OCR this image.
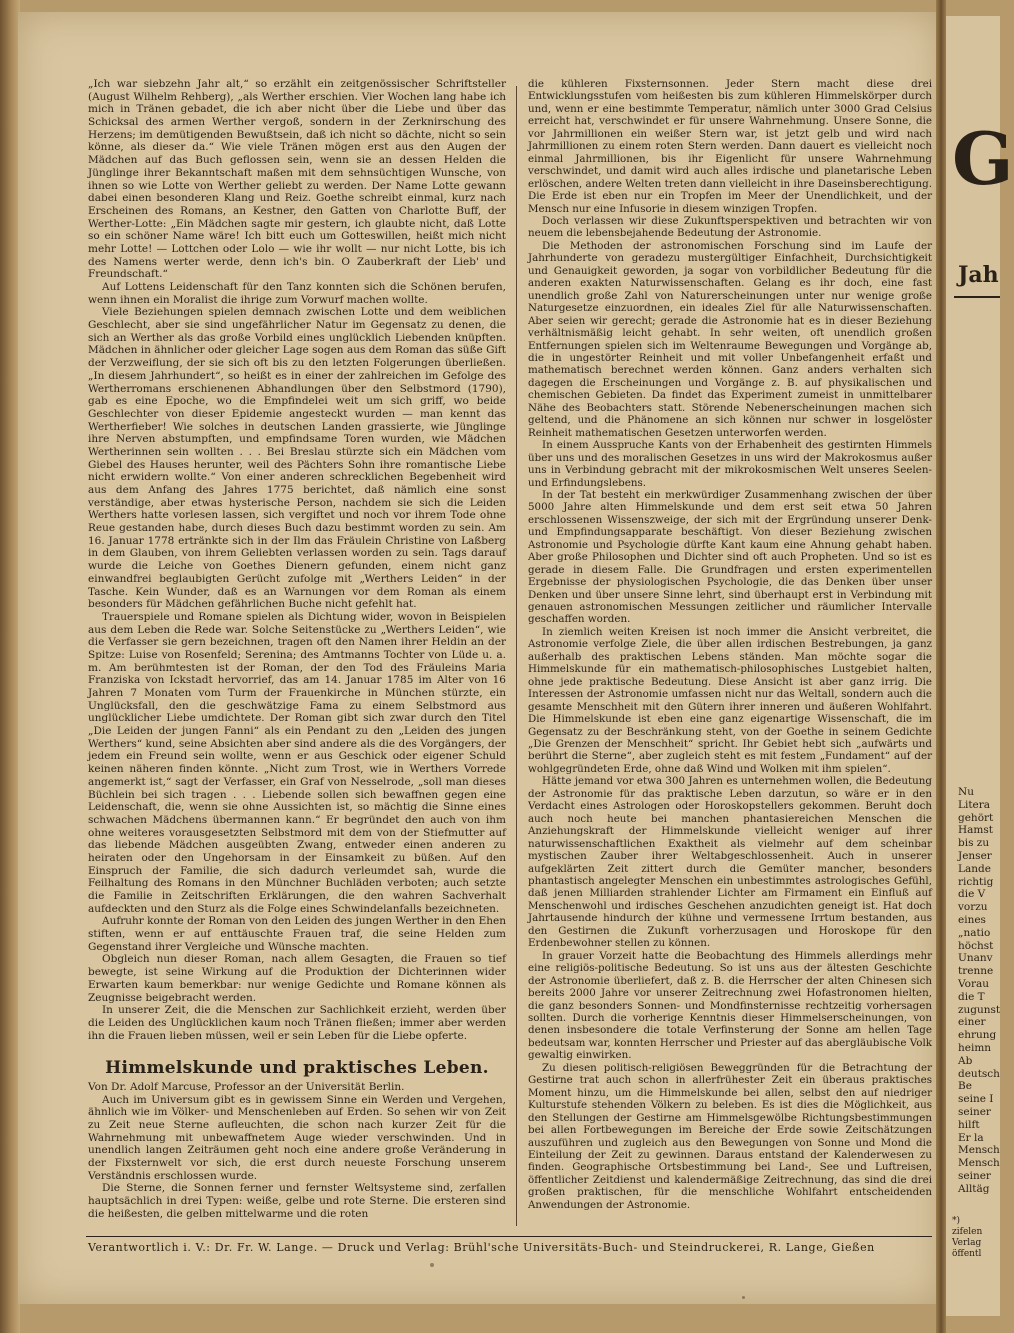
G
Jah
Nu
Litera
gehört
Hamst
bis zu
Jenser
Lande
richtig
die V
vorzu
eines
„natio
höchst
Unanv
trenne
Vorau
die T
zugunst
einer
ehrung
heimn
Ab
deutsch
Be
seine I
seiner
hilft
Er la
Mensch
Mensch
seiner
Alltäg
*)
zifelen
Verlag
öffentl

„Ich war siebzehn Jahr alt,“ so erzählt ein zeitgenössischer Schriftsteller (August Wilhelm Rehberg), „als Werther erschien. Vier Wochen lang habe ich mich in Tränen gebadet, die ich aber nicht über die Liebe und über das Schicksal des armen Werther vergoß, sondern in der Zerknirschung des Herzens; im demütigenden Bewußtsein, daß ich nicht so dächte, nicht so sein könne, als dieser da.“ Wie viele Tränen mögen erst aus den Augen der Mädchen auf das Buch geflossen sein, wenn sie an dessen Helden die Jünglinge ihrer Bekanntschaft maßen mit dem sehnsüchtigen Wunsche, von ihnen so wie Lotte von Werther geliebt zu werden. Der Name Lotte gewann dabei einen besonderen Klang und Reiz. Goethe schreibt einmal, kurz nach Erscheinen des Romans, an Kestner, den Gatten von Charlotte Buff, der Werther-Lotte: „Ein Mädchen sagte mir gestern, ich glaubte nicht, daß Lotte so ein schöner Name wäre! Ich bitt euch um Gotteswillen, heißt mich nicht mehr Lotte! — Lottchen oder Lolo — wie ihr wollt — nur nicht Lotte, bis ich des Namens werter werde, denn ich's bin. O Zauberkraft der Lieb' und Freundschaft.“

Auf Lottens Leidenschaft für den Tanz konnten sich die Schönen berufen, wenn ihnen ein Moralist die ihrige zum Vorwurf machen wollte.

Viele Beziehungen spielen demnach zwischen Lotte und dem weiblichen Geschlecht, aber sie sind ungefährlicher Natur im Gegensatz zu denen, die sich an Werther als das große Vorbild eines unglücklich Liebenden knüpften. Mädchen in ähnlicher oder gleicher Lage sogen aus dem Roman das süße Gift der Verzweiflung, der sie sich oft bis zu den letzten Folgerungen überließen. „In diesem Jahrhundert“, so heißt es in einer der zahlreichen im Gefolge des Wertherromans erschienenen Abhandlungen über den Selbstmord (1790), gab es eine Epoche, wo die Empfindelei weit um sich griff, wo beide Geschlechter von dieser Epidemie angesteckt wurden — man kennt das Wertherfieber! Wie solches in deutschen Landen grassierte, wie Jünglinge ihre Nerven abstumpften, und empfindsame Toren wurden, wie Mädchen Wertherinnen sein wollten . . . Bei Breslau stürzte sich ein Mädchen vom Giebel des Hauses herunter, weil des Pächters Sohn ihre romantische Liebe nicht erwidern wollte.“ Von einer anderen schrecklichen Begebenheit wird aus dem Anfang des Jahres 1775 berichtet, daß nämlich eine sonst verständige, aber etwas hysterische Person, nachdem sie sich die Leiden Werthers hatte vorlesen lassen, sich vergiftet und noch vor ihrem Tode ohne Reue gestanden habe, durch dieses Buch dazu bestimmt worden zu sein. Am 16. Januar 1778 ertränkte sich in der Ilm das Fräulein Christine von Laßberg in dem Glauben, von ihrem Geliebten verlassen worden zu sein. Tags darauf wurde die Leiche von Goethes Dienern gefunden, einem nicht ganz einwandfrei beglaubigten Gerücht zufolge mit „Werthers Leiden“ in der Tasche. Kein Wunder, daß es an Warnungen vor dem Roman als einem besonders für Mädchen gefährlichen Buche nicht gefehlt hat.

Trauerspiele und Romane spielen als Dichtung wider, wovon in Beispielen aus dem Leben die Rede war. Solche Seitenstücke zu „Werthers Leiden“, wie die Verfasser sie gern bezeichnen, tragen oft den Namen ihrer Heldin an der Spitze: Luise von Rosenfeld; Serenina; des Amtmanns Tochter von Lüde u. a. m. Am berühmtesten ist der Roman, der den Tod des Fräuleins Maria Franziska von Ickstadt hervorrief, das am 14. Januar 1785 im Alter von 16 Jahren 7 Monaten vom Turm der Frauenkirche in München stürzte, ein Unglücksfall, den die geschwätzige Fama zu einem Selbstmord aus unglücklicher Liebe umdichtete. Der Roman gibt sich zwar durch den Titel „Die Leiden der jungen Fanni“ als ein Pendant zu den „Leiden des jungen Werthers“ kund, seine Absichten aber sind andere als die des Vorgängers, der jedem ein Freund sein wollte, wenn er aus Geschick oder eigener Schuld keinen näheren finden könnte. „Nicht zum Trost, wie in Werthers Vorrede angemerkt ist,“ sagt der Verfasser, ein Graf von Nesselrode, „soll man dieses Büchlein bei sich tragen . . . Liebende sollen sich bewaffnen gegen eine Leidenschaft, die, wenn sie ohne Aussichten ist, so mächtig die Sinne eines schwachen Mädchens übermannen kann.“ Er begründet den auch von ihm ohne weiteres vorausgesetzten Selbstmord mit dem von der Stiefmutter auf das liebende Mädchen ausgeübten Zwang, entweder einen anderen zu heiraten oder den Ungehorsam in der Einsamkeit zu büßen. Auf den Einspruch der Familie, die sich dadurch verleumdet sah, wurde die Feilhaltung des Romans in den Münchner Buchläden verboten; auch setzte die Familie in Zeitschriften Erklärungen, die den wahren Sachverhalt aufdeckten und den Sturz als die Folge eines Schwindelanfalls bezeichneten.

Aufruhr konnte der Roman von den Leiden des jungen Werther in den Ehen stiften, wenn er auf enttäuschte Frauen traf, die seine Helden zum Gegenstand ihrer Vergleiche und Wünsche machten.

Obgleich nun dieser Roman, nach allem Gesagten, die Frauen so tief bewegte, ist seine Wirkung auf die Produktion der Dichterinnen wider Erwarten kaum bemerkbar: nur wenige Gedichte und Romane können als Zeugnisse beigebracht werden.

In unserer Zeit, die die Menschen zur Sachlichkeit erzieht, werden über die Leiden des Unglücklichen kaum noch Tränen fließen; immer aber werden ihn die Frauen lieben müssen, weil er sein Leben für die Liebe opferte.

Himmelskunde und praktisches Leben.

Von Dr. Adolf Marcuse, Professor an der Universität Berlin.

Auch im Universum gibt es in gewissem Sinne ein Werden und Vergehen, ähnlich wie im Völker- und Menschenleben auf Erden. So sehen wir von Zeit zu Zeit neue Sterne aufleuchten, die schon nach kurzer Zeit für die Wahrnehmung mit unbewaffnetem Auge wieder verschwinden. Und in unendlich langen Zeiträumen geht noch eine andere große Veränderung in der Fixsternwelt vor sich, die erst durch neueste Forschung unserem Verständnis erschlossen wurde.

Die Sterne, die Sonnen ferner und fernster Weltsysteme sind, zerfallen hauptsächlich in drei Typen: weiße, gelbe und rote Sterne. Die ersteren sind die heißesten, die gelben mittelwarme und die roten

die kühleren Fixsternsonnen. Jeder Stern macht diese drei Entwicklungsstufen vom heißesten bis zum kühleren Himmelskörper durch und, wenn er eine bestimmte Temperatur, nämlich unter 3000 Grad Celsius erreicht hat, verschwindet er für unsere Wahrnehmung. Unsere Sonne, die vor Jahrmillionen ein weißer Stern war, ist jetzt gelb und wird nach Jahrmillionen zu einem roten Stern werden. Dann dauert es vielleicht noch einmal Jahrmillionen, bis ihr Eigenlicht für unsere Wahrnehmung verschwindet, und damit wird auch alles irdische und planetarische Leben erlöschen, andere Welten treten dann vielleicht in ihre Daseinsberechtigung. Die Erde ist eben nur ein Tropfen im Meer der Unendlichkeit, und der Mensch nur eine Infusorie in diesem winzigen Tropfen.

Doch verlassen wir diese Zukunftsperspektiven und betrachten wir von neuem die lebensbejahende Bedeutung der Astronomie.

Die Methoden der astronomischen Forschung sind im Laufe der Jahrhunderte von geradezu mustergültiger Einfachheit, Durchsichtigkeit und Genauigkeit geworden, ja sogar von vorbildlicher Bedeutung für die anderen exakten Naturwissenschaften. Gelang es ihr doch, eine fast unendlich große Zahl von Naturerscheinungen unter nur wenige große Naturgesetze einzuordnen, ein ideales Ziel für alle Naturwissenschaften. Aber seien wir gerecht; gerade die Astronomie hat es in dieser Beziehung verhältnismäßig leicht gehabt. In sehr weiten, oft unendlich großen Entfernungen spielen sich im Weltenraume Bewegungen und Vorgänge ab, die in ungestörter Reinheit und mit voller Unbefangenheit erfaßt und mathematisch berechnet werden können. Ganz anders verhalten sich dagegen die Erscheinungen und Vorgänge z. B. auf physikalischen und chemischen Gebieten. Da findet das Experiment zumeist in unmittelbarer Nähe des Beobachters statt. Störende Nebenerscheinungen machen sich geltend, und die Phänomene an sich können nur schwer in losgelöster Reinheit mathematischen Gesetzen unterworfen werden.

In einem Ausspruche Kants von der Erhabenheit des gestirnten Himmels über uns und des moralischen Gesetzes in uns wird der Makrokosmus außer uns in Verbindung gebracht mit der mikrokosmischen Welt unseres Seelen- und Erfindungslebens.

In der Tat besteht ein merkwürdiger Zusammenhang zwischen der über 5000 Jahre alten Himmelskunde und dem erst seit etwa 50 Jahren erschlossenen Wissenszweige, der sich mit der Ergründung unserer Denk- und Empfindungsapparate beschäftigt. Von dieser Beziehung zwischen Astronomie und Psychologie dürfte Kant kaum eine Ahnung gehabt haben. Aber große Philosophen und Dichter sind oft auch Propheten. Und so ist es gerade in diesem Falle. Die Grundfragen und ersten experimentellen Ergebnisse der physiologischen Psychologie, die das Denken über unser Denken und über unsere Sinne lehrt, sind überhaupt erst in Verbindung mit genauen astronomischen Messungen zeitlicher und räumlicher Intervalle geschaffen worden.

In ziemlich weiten Kreisen ist noch immer die Ansicht verbreitet, die Astronomie verfolge Ziele, die über allen irdischen Bestrebungen, ja ganz außerhalb des praktischen Lebens ständen. Man möchte sogar die Himmelskunde für ein mathematisch-philosophisches Lustgebiet halten, ohne jede praktische Bedeutung. Diese Ansicht ist aber ganz irrig. Die Interessen der Astronomie umfassen nicht nur das Weltall, sondern auch die gesamte Menschheit mit den Gütern ihrer inneren und äußeren Wohlfahrt. Die Himmelskunde ist eben eine ganz eigenartige Wissenschaft, die im Gegensatz zu der Beschränkung steht, von der Goethe in seinem Gedichte „Die Grenzen der Menschheit“ spricht. Ihr Gebiet hebt sich „aufwärts und berührt die Sterne“, aber zugleich steht es mit festem „Fundament“ auf der wohlgegründeten Erde, ohne daß Wind und Wolken mit ihm spielen“.

Hätte jemand vor etwa 300 Jahren es unternehmen wollen, die Bedeutung der Astronomie für das praktische Leben darzutun, so wäre er in den Verdacht eines Astrologen oder Horoskopstellers gekommen. Beruht doch auch noch heute bei manchen phantasiereichen Menschen die Anziehungskraft der Himmelskunde vielleicht weniger auf ihrer naturwissenschaftlichen Exaktheit als vielmehr auf dem scheinbar mystischen Zauber ihrer Weltabgeschlossenheit. Auch in unserer aufgeklärten Zeit zittert durch die Gemüter mancher, besonders phantastisch angelegter Menschen ein unbestimmtes astrologisches Gefühl, daß jenen Milliarden strahlender Lichter am Firmament ein Einfluß auf Menschenwohl und irdisches Geschehen anzudichten geneigt ist. Hat doch Jahrtausende hindurch der kühne und vermessene Irrtum bestanden, aus den Gestirnen die Zukunft vorherzusagen und Horoskope für den Erdenbewohner stellen zu können.

In grauer Vorzeit hatte die Beobachtung des Himmels allerdings mehr eine religiös-politische Bedeutung. So ist uns aus der ältesten Geschichte der Astronomie überliefert, daß z. B. die Herrscher der alten Chinesen sich bereits 2000 Jahre vor unserer Zeitrechnung zwei Hofastronomen hielten, die ganz besonders Sonnen- und Mondfinsternisse rechtzeitig vorhersagen sollten. Durch die vorherige Kenntnis dieser Himmelserscheinungen, von denen insbesondere die totale Verfinsterung der Sonne am hellen Tage bedeutsam war, konnten Herrscher und Priester auf das abergläubische Volk gewaltig einwirken.

Zu diesen politisch-religiösen Beweggründen für die Betrachtung der Gestirne trat auch schon in allerfrühester Zeit ein überaus praktisches Moment hinzu, um die Himmelskunde bei allen, selbst den auf niedriger Kulturstufe stehenden Völkern zu beleben. Es ist dies die Möglichkeit, aus den Stellungen der Gestirne am Himmelsgewölbe Richtungsbestimmungen bei allen Fortbewegungen im Bereiche der Erde sowie Zeitschätzungen auszuführen und zugleich aus den Bewegungen von Sonne und Mond die Einteilung der Zeit zu gewinnen. Daraus entstand der Kalenderwesen zu finden. Geographische Ortsbestimmung bei Land-, See und Luftreisen, öffentlicher Zeitdienst und kalendermäßige Zeitrechnung, das sind die drei großen praktischen, für die menschliche Wohlfahrt entscheidenden Anwendungen der Astronomie.

Verantwortlich i. V.: Dr. Fr. W. Lange. — Druck und Verlag: Brühl'sche Universitäts-Buch- und Steindruckerei, R. Lange, Gießen
